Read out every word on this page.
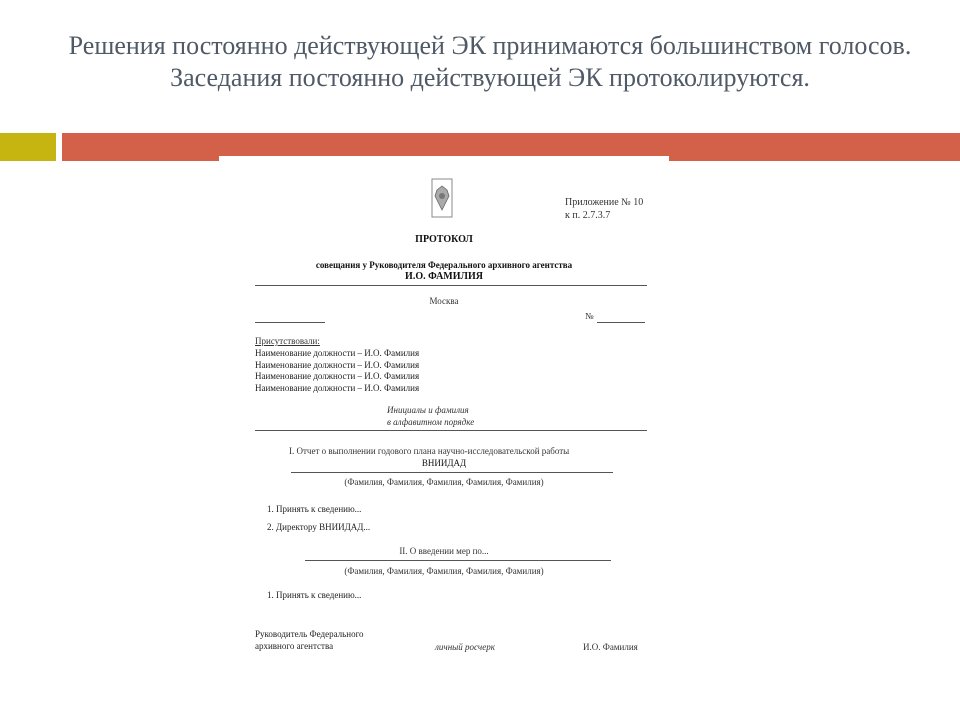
Решения постоянно действующей ЭК принимаются большинством голосов. Заседания постоянно действующей ЭК протоколируются.
Приложение № 10
к п. 2.7.3.7
ПРОТОКОЛ
совещания у Руководителя Федерального архивного агентства
И.О. ФАМИЛИЯ
Москва
№
Присутствовали:
Наименование должности – И.О. Фамилия
Наименование должности – И.О. Фамилия
Наименование должности – И.О. Фамилия
Наименование должности – И.О. Фамилия
Инициалы и фамилия
в алфавитном порядке
I. Отчет о выполнении годового плана научно-исследовательской работы
ВНИИДАД
(Фамилия, Фамилия, Фамилия, Фамилия, Фамилия)
1. Принять к сведению...
2. Директору ВНИИДАД...
II. О введении мер по...
(Фамилия, Фамилия, Фамилия, Фамилия, Фамилия)
1. Принять к сведению...
Руководитель Федерального
архивного агентства	личный росчерк	И.О. Фамилия
